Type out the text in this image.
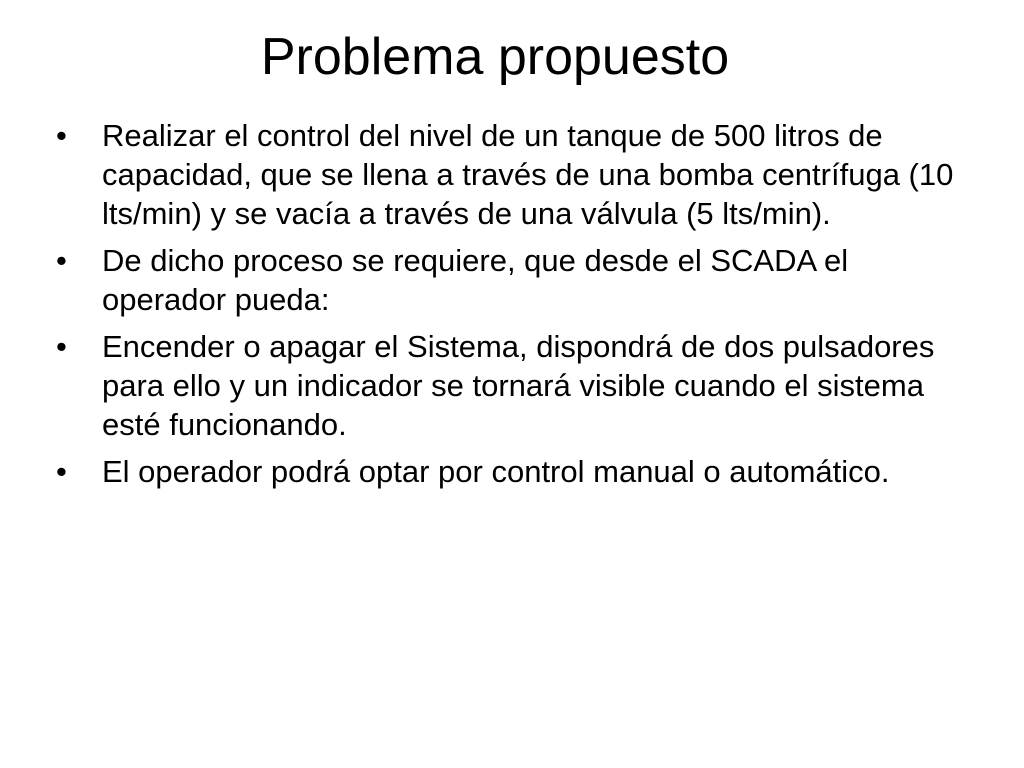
Problema propuesto
•	Realizar el control del nivel de un tanque de 500 litros de capacidad, que se llena a través de una bomba centrífuga (10 lts/min) y se vacía a través de una válvula (5 lts/min).
•	De dicho proceso se requiere, que desde el SCADA el operador pueda:
•	Encender o apagar el Sistema, dispondrá de dos pulsadores para ello y un indicador se tornará visible cuando el sistema esté funcionando.
•	El operador podrá optar por control manual o automático.
